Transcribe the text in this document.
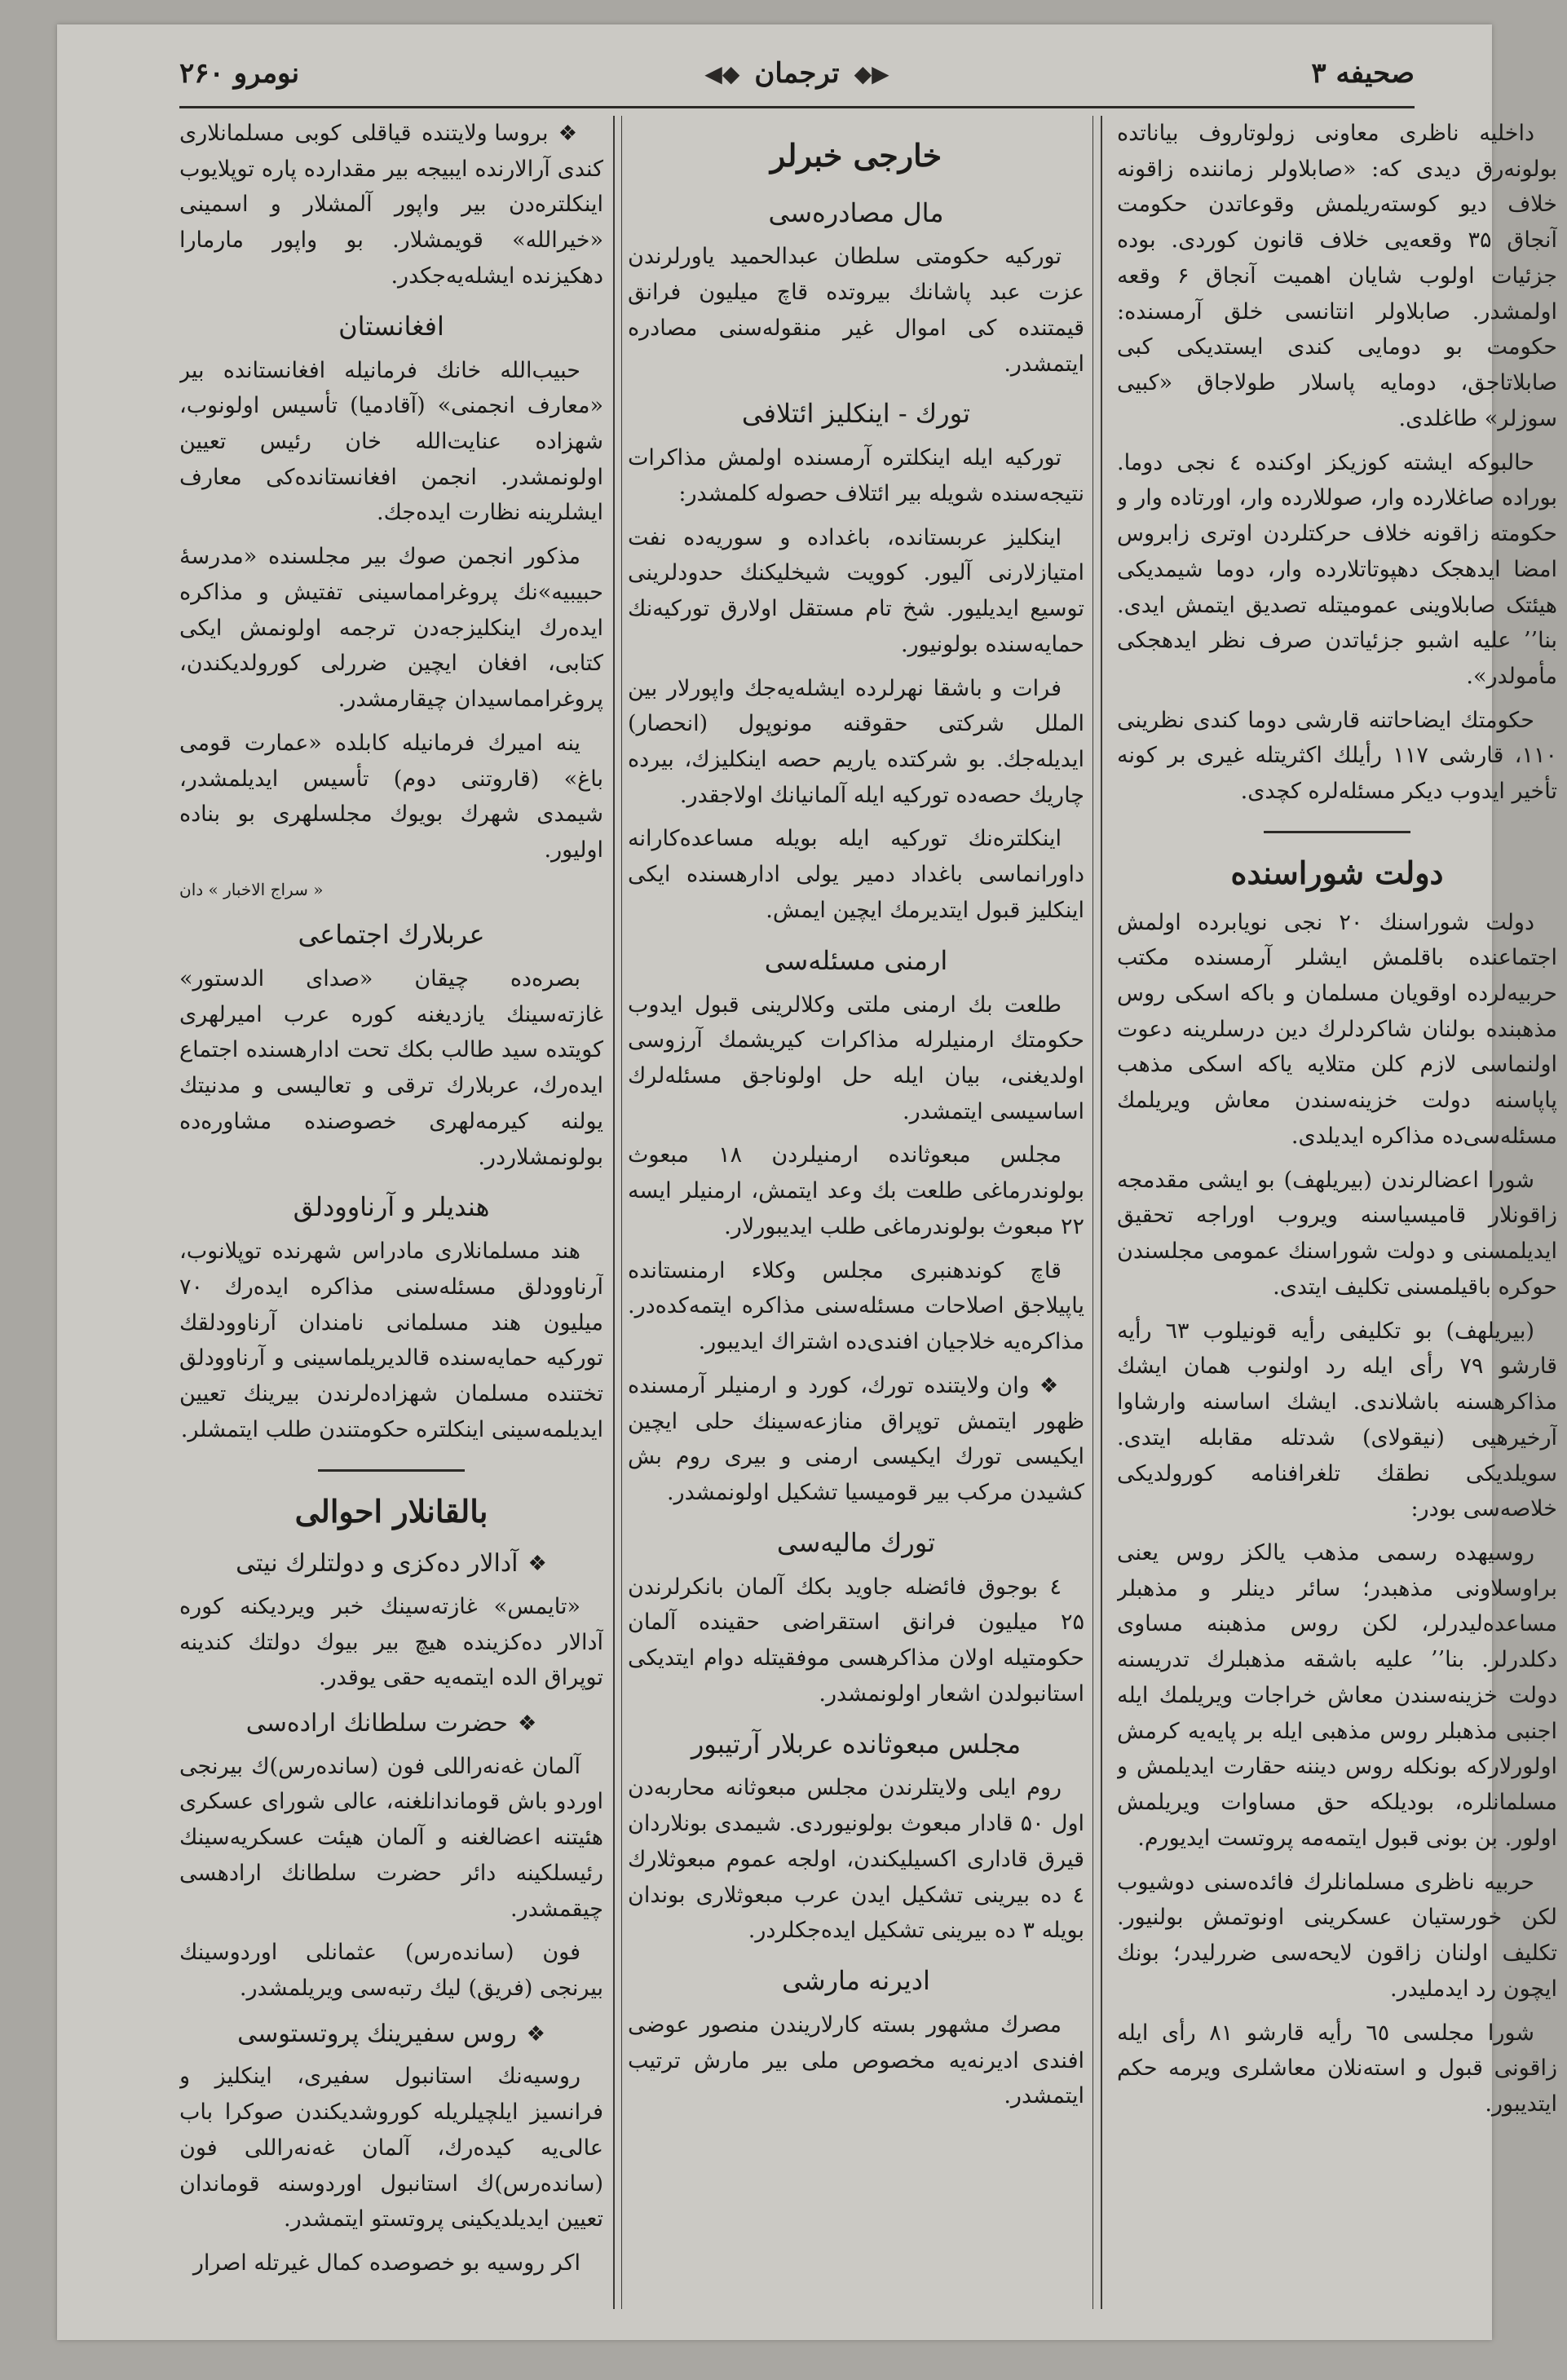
صحیفه ۳
◀◆ ترجمان ◆▶
نومرو ۲۶۰

داخلیه ناظری معاونی زولوتاروف بیاناتده بولونه‌رق دیدی که: «صابلاولر زماننده زاقونه خلاف دیو کوسته‌ریلمش وقوعاتدن حکومت آنجاق ۳۵ وقعه‌یی خلاف قانون کوردی. بوده جزئیات اولوب شایان اهمیت آنجاق ۶ وقعه اولمشدر. صابلاولر انتانسی خلق آرمسنده: حکومت بو دومایی کندی ایستدیکی کبی صابلاتاجق، دومایه پاسلار طولاجاق «کبیی سوزلر» طاغلدی.

حالبوکه ایشته کوزیکز اوکنده ٤ نجی دوما. بوراده صاغلارده وار، صوللارده وار، اورتاده وار و حکومته زاقونه خلاف حرکتلردن اوتری زابروس امضا ایدهجک دهپوتاتلارده وار، دوما شیمدیکی هیئتک صابلاوینی عمومیتله تصدیق ایتمش ایدی. بنا’’ علیه اشبو جزئیاتدن صرف نظر ایدهجکی مأمولدر».

حکومتك ایضاحاتنه قارشی دوما کندی نظرینی ۱۱۰، قارشی ۱۱۷ رأیلك اکثریتله غیری بر کونه تأخیر ایدوب دیکر مسئله‌لره کچدی.

دولت شوراسنده

دولت شوراسنك ۲۰ نجی نویابرده اولمش اجتماعنده باقلمش ایشلر آرمسنده مکتب حربیه‌لرده اوقویان مسلمان و باکه اسکی روس مذهبنده بولنان شاکردلرك دین درسلرینه دعوت اولنماسی لازم کلن متلایه یاکه اسکی مذهب پاپاسنه دولت خزینه‌سندن معاش ویریلمك مسئله‌سی‌ده مذاکره ایدیلدی.

شورا اعضالرندن (بیریلهف) بو ایشی مقدمجه زاقونلار قامیسیاسنه ویروب اوراجه تحقیق ایدیلمسنی و دولت شوراسنك عمومی مجلسندن حوکره باقیلمسنی تکلیف ایتدی.

(بیریلهف) بو تکلیفی رأیه قونیلوب ٦٣ رأیه قارشو ۷۹ رأی ایله رد اولنوب همان ایشك مذاکرهسنه باشلاندی. ایشك اساسنه وارشاوا آرخیرهیی (نیقولای) شدتله مقابله ایتدی. سویلدیکی نطقك تلغرافنامه کورولدیکی خلاصه‌سی بودر:

روسیهده رسمی مذهب یالکز روس یعنی براوسلاونی مذهبدر؛ سائر دینلر و مذهبلر مساعده‌لیدرلر، لکن روس مذهبنه مساوی دکلدرلر. بنا’’ علیه باشقه مذهبلرك تدریسنه دولت خزینه‌سندن معاش خراجات ویریلمك ایله اجنبی مذهبلر روس مذهبی ایله بر پایه‌یه کرمش اولورلارکه بونکله روس دیننه حقارت ایدیلمش و مسلمانلره، بودیلکه حق مساوات ویریلمش اولور. بن بونی قبول ایتمه‌مه پروتست ایدیورم.

حربیه ناظری مسلمانلرك فائده‌سنی دوشیوب لکن خورستیان عسکرینی اونوتمش بولنیور. تکلیف اولنان زاقون لایحه‌سی ضررلیدر؛ بونك ایچون رد ایدملیدر.

شورا مجلسی ٦٥ رأیه قارشو ۸۱ رأی ایله زاقونی قبول و استه‌نلان معاشلری ویرمه حکم ایتدیبور.

خارجی خبرلر
مال مصادره‌سی

تورکیه حکومتی سلطان عبدالحمید یاورلرندن عزت عبد پاشانك بیروتده قاچ میلیون فرانق قیمتنده کی اموال غیر منقوله‌سنی مصادره ایتمشدر.

تورك - اینکلیز ائتلافی

تورکیه ایله اینکلتره آرمسنده اولمش مذاکرات نتیجه‌سنده شویله بیر ائتلاف حصوله کلمشدر:

اینکلیز عربستانده، باغداده و سوریه‌ده نفت امتیازلارنی آلیور. کوویت شیخلیکنك حدودلرینی توسیع ایدیلیور. شخ تام مستقل اولارق تورکیه‌نك حمایه‌سنده بولونیور.

فرات و باشقا نهرلرده ایشله‌یه‌جك واپورلار بین الملل شرکتی حقوقنه مونوپول (انحصار) ایدیله‌جك. بو شرکتده یاریم حصه اینکلیزك، بیرده چاریك حصه‌ده تورکیه ایله آلمانیانك اولاجقدر.

اینکلتره‌نك تورکیه ایله بویله مساعده‌کارانه داورانماسی باغداد دمیر یولی ادارهسنده ایکی اینکلیز قبول ایتدیرمك ایچین ایمش.

ارمنی مسئله‌سی

طلعت بك ارمنی ملتی وکلالرینی قبول ایدوب حکومتك ارمنیلرله مذاکرات کیریشمك آرزوسی اولدیغنی، بیان ایله حل اولوناجق مسئله‌لرك اساسیسی ایتمشدر.

مجلس مبعوثانده ارمنیلردن ۱۸ مبعوث بولوندرماغی طلعت بك وعد ایتمش، ارمنیلر ایسه ۲۲ مبعوث بولوندرماغی طلب ایدیبورلار.

قاچ کوندهنبری مجلس وکلاء ارمنستانده یاپیلاجق اصلاحات مسئله‌سنی مذاکره ایتمه‌کده‌در. مذاکره‌یه خلاجیان افندی‌ده اشتراك ایدیبور.

❖ وان ولایتنده تورك، کورد و ارمنیلر آرمسنده ظهور ایتمش توپراق منازعه‌سینك حلی ایچین ایکیسی تورك ایکیسی ارمنی و بیری روم بش کشیدن مرکب بیر قومیسیا تشکیل اولونمشدر.

تورك مالیه‌سی

٤ بوجوق فائضله جاوید بکك آلمان بانکرلرندن ۲۵ میلیون فرانق استقراضی حقینده آلمان حکومتیله اولان مذاکرهسی موفقیتله دوام ایتدیکی استانبولدن اشعار اولونمشدر.

مجلس مبعوثانده عربلار آرتیبور

روم ایلی ولایتلرندن مجلس مبعوثانه محاربه‌دن اول ۵۰ قادار مبعوث بولونیوردی. شیمدی بونلاردان قیرق قاداری اکسیلیکندن، اولجه عموم مبعوثلارك ٤ ده بیرینی تشکیل ایدن عرب مبعوثلاری بوندان بویله ۳ ده بیرینی تشکیل ایده‌جکلردر.

ادیرنه مارشی

مصرك مشهور بسته کارلاریندن منصور عوضی افندی ادیرنه‌یه مخصوص ملی بیر مارش ترتیب ایتمشدر.

❖ بروسا ولایتنده قیاقلی کوبی مسلمانلاری کندی آرالارنده ایبیجه بیر مقدارده پاره توپلایوب اینکلتره‌دن بیر واپور آلمشلار و اسمینی «خیرالله» قویمشلار. بو واپور مارمارا دهکیزنده ایشله‌یه‌جکدر.

افغانستان

حبیب‌الله خانك فرمانیله افغانستانده بیر «معارف انجمنی» (آقادمیا) تأسیس اولونوب، شهزاده عنایت‌الله خان رئیس تعیین اولونمشدر. انجمن افغانستانده‌کی معارف ایشلرینه نظارت ایده‌جك.

مذکور انجمن صوك بیر مجلسنده «مدرسهٔ حبیبیه»نك پروغرامماسینی تفتیش و مذاکره ایده‌رك اینکلیزجه‌دن ترجمه اولونمش ایکی کتابی، افغان ایچین ضررلی کورولدیکندن، پروغرامماسیدان چیقارمشدر.

ینه امیرك فرمانیله کابلده «عمارت قومی باغ» (قاروتنی دوم) تأسیس ایدیلمشدر، شیمدی شهرك بویوك مجلسلهری بو بناده اولیور.

« سراج الاخبار » دان
عربلارك اجتماعی

بصره‌ده چیقان «صدای الدستور» غازته‌سینك یازدیغنه کوره عرب امیرلهری کویتده سید طالب بکك تحت ادارهسنده اجتماع ایده‌رك، عربلارك ترقی و تعالیسی و مدنیتك یولنه کیرمه‌لهری خصوصنده مشاوره‌ده بولونمشلاردر.

هندیلر و آرناوودلق

هند مسلمانلاری مادراس شهرنده توپلانوب، آرناوودلق مسئله‌سنی مذاکره ایده‌رك ۷۰ میلیون هند مسلمانی نامندان آرناوودلقك تورکیه حمایه‌سنده قالدیریلماسینی و آرناوودلق تختنده مسلمان شهزاده‌لرندن بیرینك تعیین ایدیلمه‌سینی اینکلتره حکومتندن طلب ایتمشلر.

بالقانلار احوالی
❖
آدالار دەکزی و دولتلرك نیتی

«تایمس» غازته‌سینك خبر ویردیکنه کوره آدالار دەکزینده هیچ بیر بیوك دولتك کندینه توپراق الده ایتمه‌یه حقی یوقدر.

❖
حضرت سلطانك ارادەسی

آلمان غەنەراللی فون (ساندەرس)ك بیرنجی اوردو باش قوماندانلغنه، عالی شورای عسکری هئیتنه اعضالغنه و آلمان هیئت عسکریه‌سینك رئیسلکینه دائر حضرت سلطانك ارادهسی چیقمشدر.

فون (ساندەرس) عثمانلی اوردوسینك بیرنجی (فریق) لیك رتبه‌سی ویریلمشدر.

❖
روس سفیرینك پروتستوسی

روسیه‌نك استانبول سفیری، اینکلیز و فرانسیز ایلچیلریله کوروشدیکندن صوکرا باب عالی‌یه کیده‌رك، آلمان غەنەراللی فون (ساندەرس)ك استانبول اوردوسنه قوماندان تعیین ایدیلدیکینی پروتستو ایتمشدر.

اکر روسیه بو خصوصده کمال غیرتله اصرار
